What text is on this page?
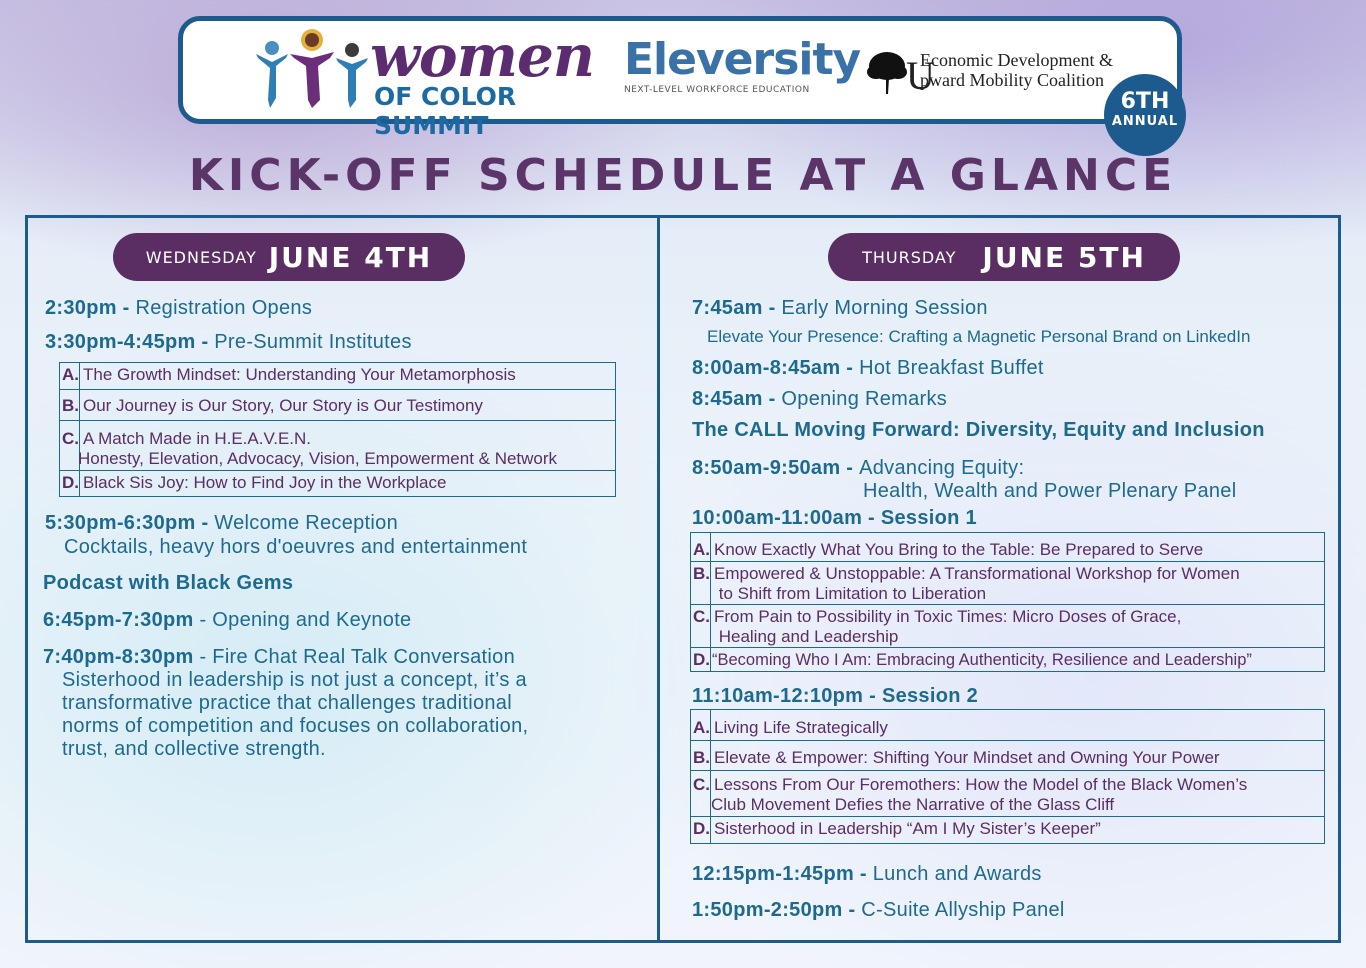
women
OF COLOR SUMMIT
Eleversity
NEXT-LEVEL WORKFORCE EDUCATION	U
Economic Development &
pward Mobility Coalition
6TH
ANNUAL
KICK-OFF SCHEDULE AT A GLANCE
WEDNESDAY JUNE 4TH
2:30pm - Registration Opens
3:30pm-4:45pm - Pre-Summit Institutes
A.	The Growth Mindset: Understanding Your Metamorphosis
B.	Our Journey is Our Story, Our Story is Our Testimony
C.	A Match Made in H.E.A.V.E.N.
Honesty, Elevation, Advocacy, Vision, Empowerment & Network

D.	Black Sis Joy: How to Find Joy in the Workplace
5:30pm-6:30pm - Welcome Reception
Cocktails, heavy hors d'oeuvres and entertainment
Podcast with Black Gems
6:45pm-7:30pm - Opening and Keynote
7:40pm-8:30pm - Fire Chat Real Talk Conversation
Sisterhood in leadership is not just a concept, it’s a
transformative practice that challenges traditional
norms of competition and focuses on collaboration,
trust, and collective strength.
THURSDAY JUNE 5TH
7:45am - Early Morning Session
Elevate Your Presence: Crafting a Magnetic Personal Brand on LinkedIn
8:00am-8:45am - Hot Breakfast Buffet
8:45am - Opening Remarks
The CALL Moving Forward: Diversity, Equity and Inclusion
8:50am-9:50am - Advancing Equity:
Health, Wealth and Power Plenary Panel
10:00am-11:00am - Session 1
A.	Know Exactly What You Bring to the Table: Be Prepared to Serve
B.	Empowered & Unstoppable: A Transformational Workshop for Women
to Shift from Limitation to Liberation

C.	From Pain to Possibility in Toxic Times: Micro Doses of Grace,
Healing and Leadership

D.	“Becoming Who I Am: Embracing Authenticity, Resilience and Leadership”
11:10am-12:10pm - Session 2
A.	Living Life Strategically
B.	Elevate & Empower: Shifting Your Mindset and Owning Your Power
C.	Lessons From Our Foremothers: How the Model of the Black Women’s
Club Movement Defies the Narrative of the Glass Cliff

D.	Sisterhood in Leadership “Am I My Sister’s Keeper”
12:15pm-1:45pm - Lunch and Awards
1:50pm-2:50pm - C-Suite Allyship Panel
